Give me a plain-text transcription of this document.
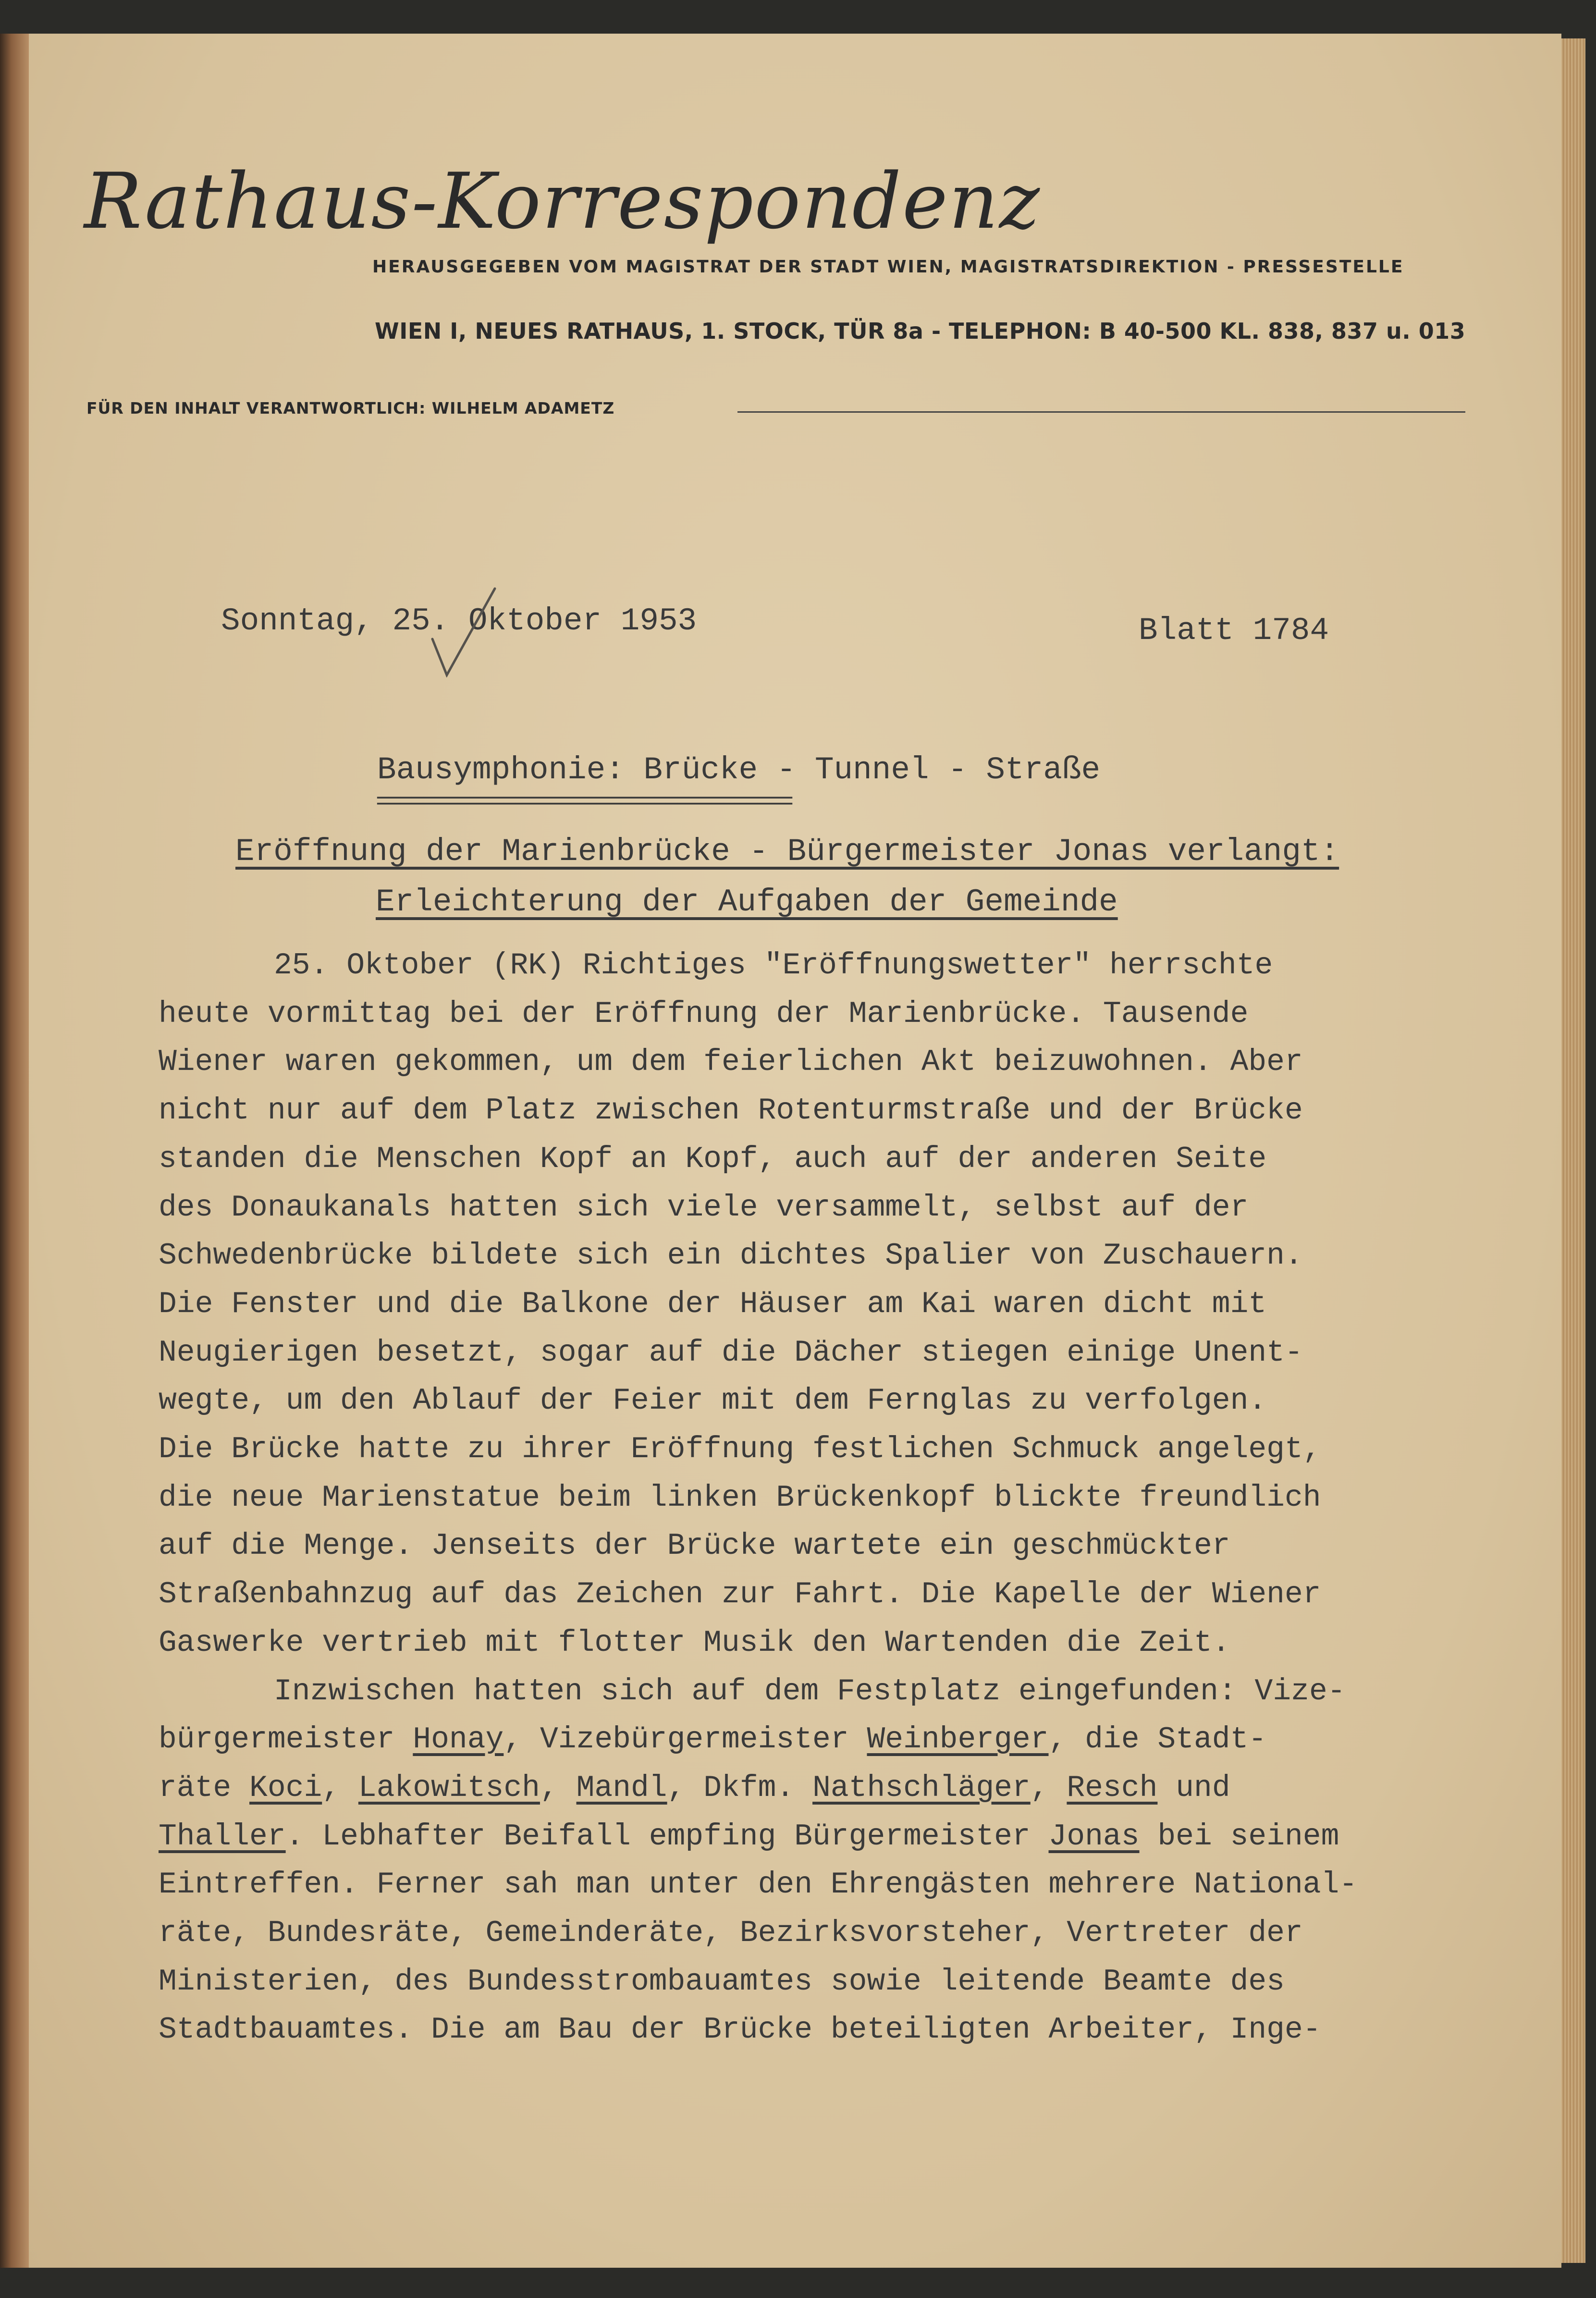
Rathaus-Korrespondenz
HERAUSGEGEBEN VOM MAGISTRAT DER STADT WIEN, MAGISTRATSDIREKTION - PRESSESTELLE
WIEN I, NEUES RATHAUS, 1. STOCK, TÜR 8a - TELEPHON: B 40-500 KL. 838, 837 u. 013
FÜR DEN INHALT VERANTWORTLICH: WILHELM ADAMETZ
Sonntag, 25. Oktober 1953	Blatt 1784
Bausymphonie: Brücke - Tunnel - Straße
====================================
Eröffnung der Marienbrücke - Bürgermeister Jonas verlangt:
Erleichterung der Aufgaben der Gemeinde
25. Oktober (RK) Richtiges "Eröffnungswetter" herrschte
heute vormittag bei der Eröffnung der Marienbrücke. Tausende
Wiener waren gekommen, um dem feierlichen Akt beizuwohnen. Aber
nicht nur auf dem Platz zwischen Rotenturmstraße und der Brücke
standen die Menschen Kopf an Kopf, auch auf der anderen Seite
des Donaukanals hatten sich viele versammelt, selbst auf der
Schwedenbrücke bildete sich ein dichtes Spalier von Zuschauern.
Die Fenster und die Balkone der Häuser am Kai waren dicht mit
Neugierigen besetzt, sogar auf die Dächer stiegen einige Unent-
wegte, um den Ablauf der Feier mit dem Fernglas zu verfolgen.
Die Brücke hatte zu ihrer Eröffnung festlichen Schmuck angelegt,
die neue Marienstatue beim linken Brückenkopf blickte freundlich
auf die Menge. Jenseits der Brücke wartete ein geschmückter
Straßenbahnzug auf das Zeichen zur Fahrt. Die Kapelle der Wiener
Gaswerke vertrieb mit flotter Musik den Wartenden die Zeit.
Inzwischen hatten sich auf dem Festplatz eingefunden: Vize-
bürgermeister Honay, Vizebürgermeister Weinberger, die Stadt-
räte Koci, Lakowitsch, Mandl, Dkfm. Nathschläger, Resch und
Thaller. Lebhafter Beifall empfing Bürgermeister Jonas bei seinem
Eintreffen. Ferner sah man unter den Ehrengästen mehrere National-
räte, Bundesräte, Gemeinderäte, Bezirksvorsteher, Vertreter der
Ministerien, des Bundesstrombauamtes sowie leitende Beamte des
Stadtbauamtes. Die am Bau der Brücke beteiligten Arbeiter, Inge-
